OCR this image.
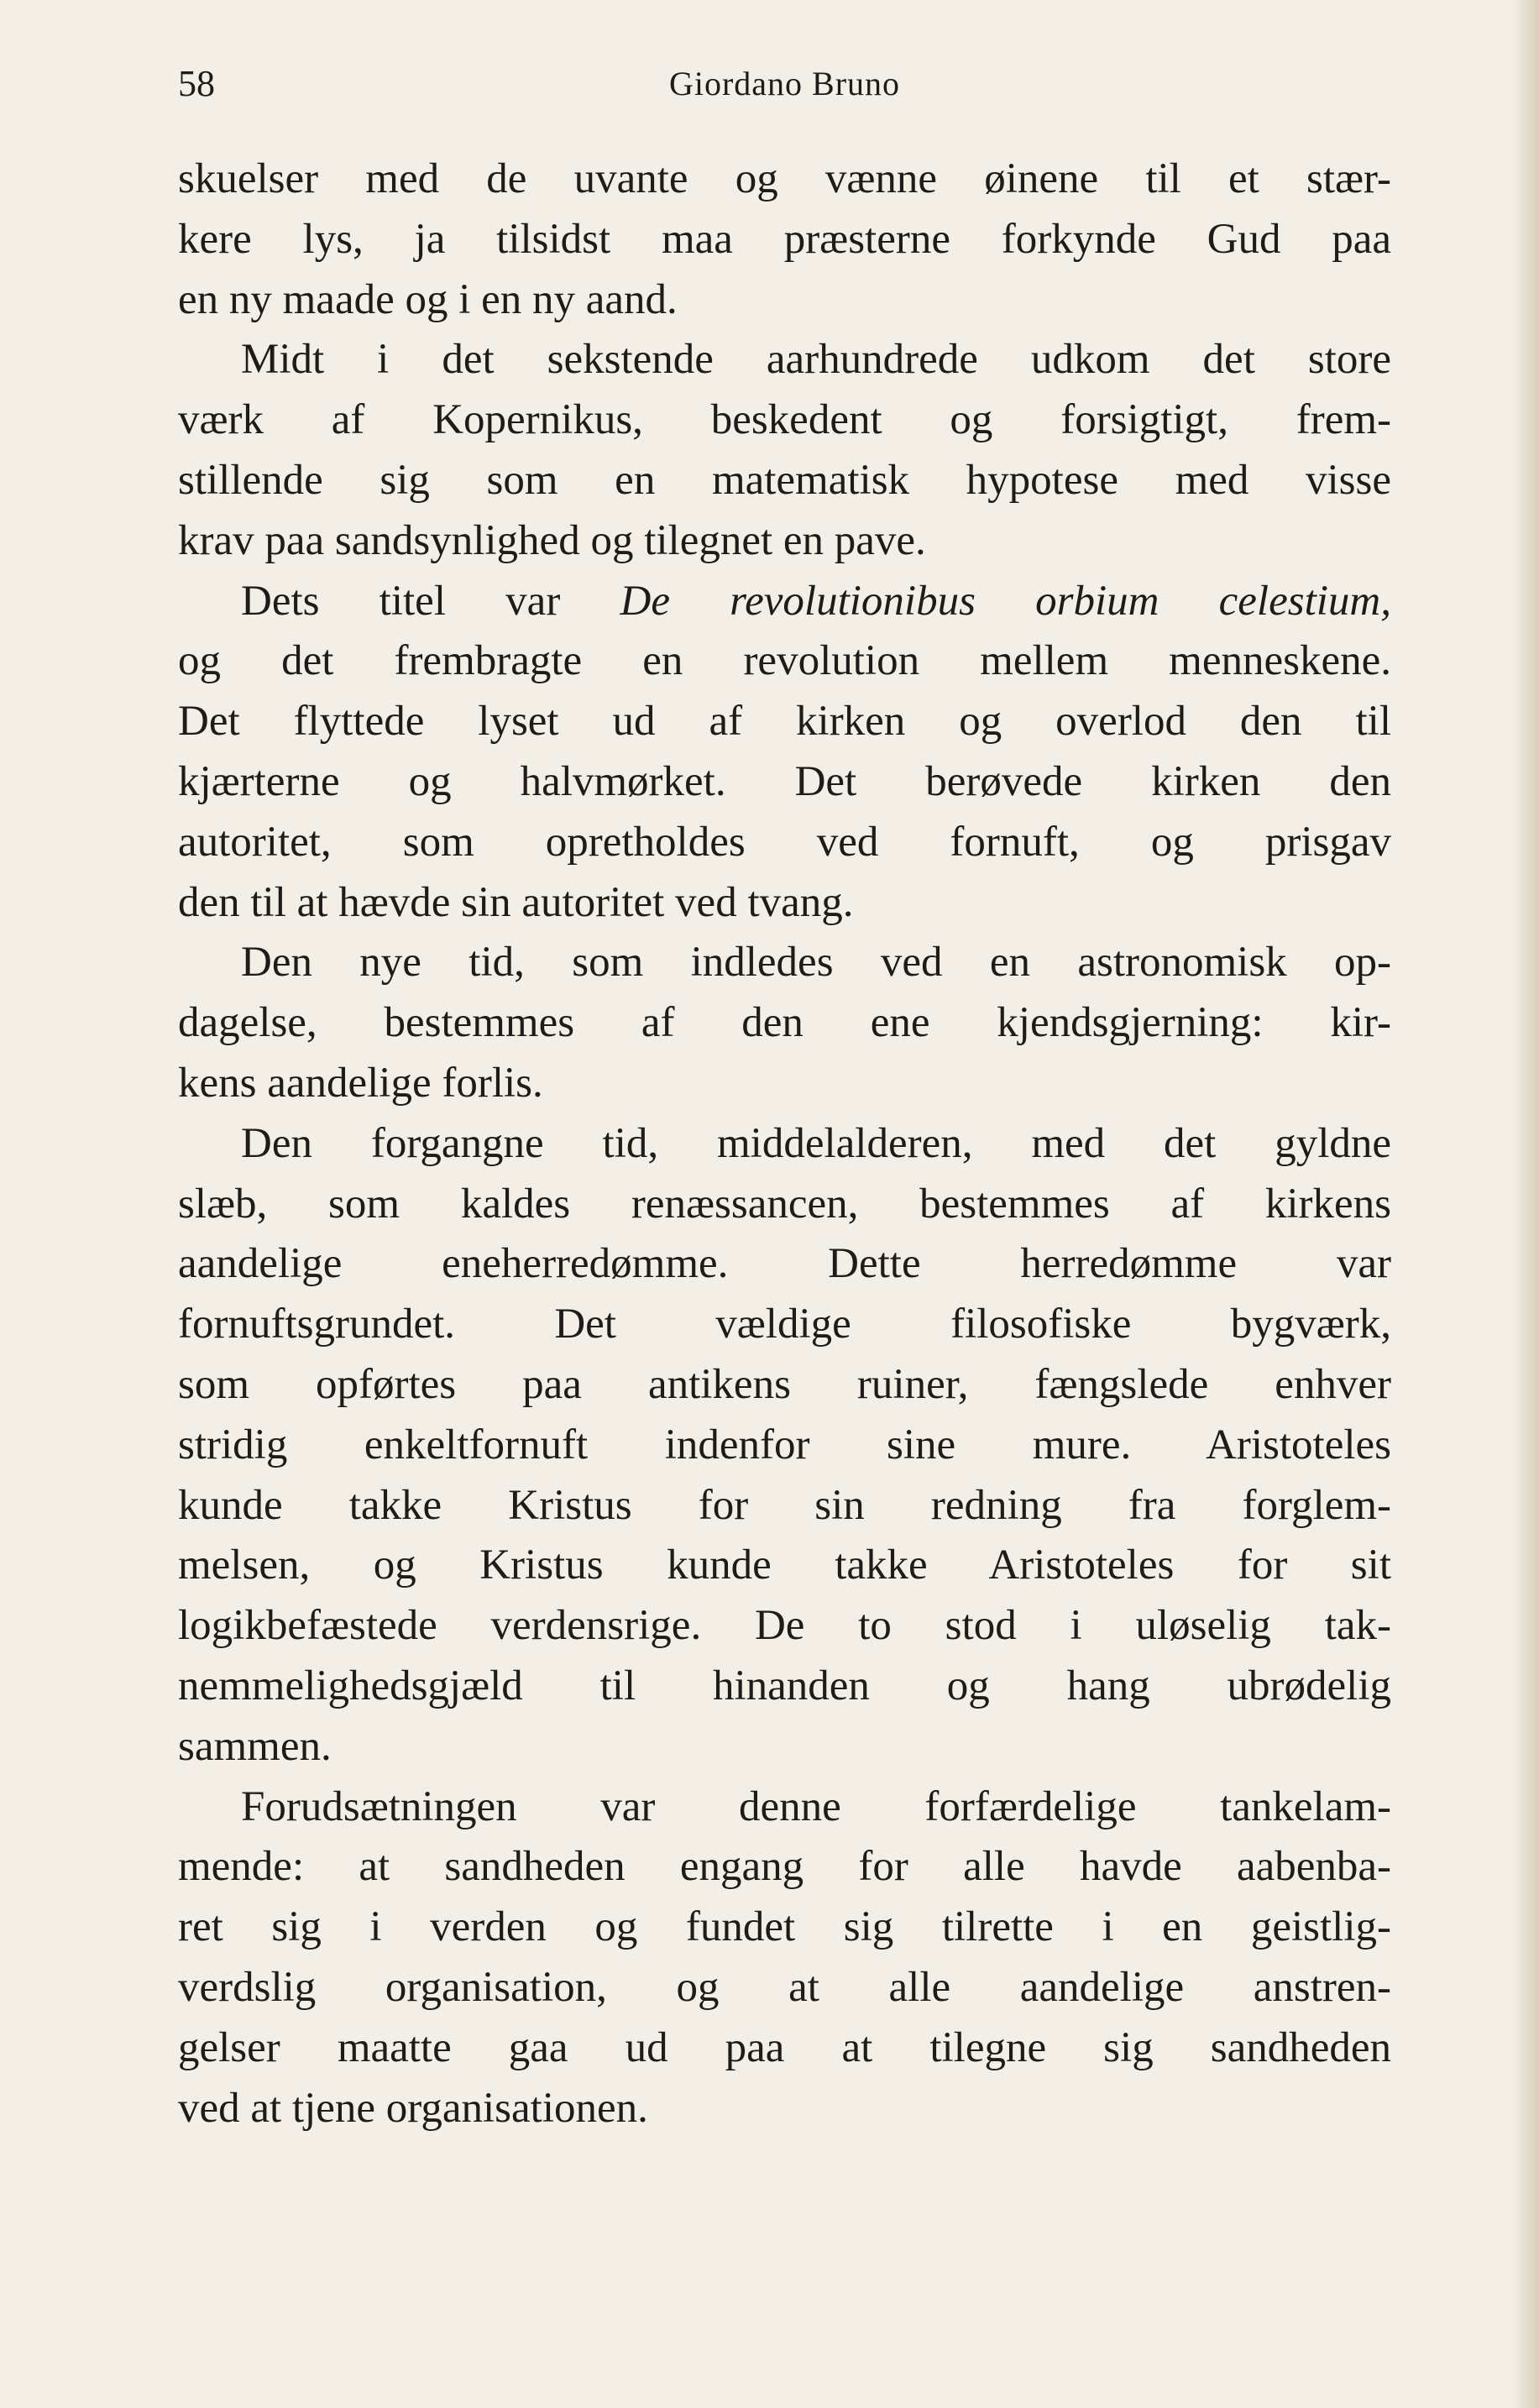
58	Giordano Bruno
skuelser med de uvante og vænne øinene til et stær-
kere lys, ja tilsidst maa præsterne forkynde Gud paa
en ny maade og i en ny aand.
Midt i det sekstende aarhundrede udkom det store
værk af Kopernikus, beskedent og forsigtigt, frem-
stillende sig som en matematisk hypotese med visse
krav paa sandsynlighed og tilegnet en pave.
Dets titel var De revolutionibus orbium celestium,
og det frembragte en revolution mellem menneskene.
Det flyttede lyset ud af kirken og overlod den til
kjærterne og halvmørket. Det berøvede kirken den
autoritet, som opretholdes ved fornuft, og prisgav
den til at hævde sin autoritet ved tvang.
Den nye tid, som indledes ved en astronomisk op-
dagelse, bestemmes af den ene kjendsgjerning: kir-
kens aandelige forlis.
Den forgangne tid, middelalderen, med det gyldne
slæb, som kaldes renæssancen, bestemmes af kirkens
aandelige eneherredømme. Dette herredømme var
fornuftsgrundet. Det vældige filosofiske bygværk,
som opførtes paa antikens ruiner, fængslede enhver
stridig enkeltfornuft indenfor sine mure. Aristoteles
kunde takke Kristus for sin redning fra forglem-
melsen, og Kristus kunde takke Aristoteles for sit
logikbefæstede verdensrige. De to stod i uløselig tak-
nemmelighedsgjæld til hinanden og hang ubrødelig
sammen.
Forudsætningen var denne forfærdelige tankelam-
mende: at sandheden engang for alle havde aabenba-
ret sig i verden og fundet sig tilrette i en geistlig-
verdslig organisation, og at alle aandelige anstren-
gelser maatte gaa ud paa at tilegne sig sandheden
ved at tjene organisationen.
